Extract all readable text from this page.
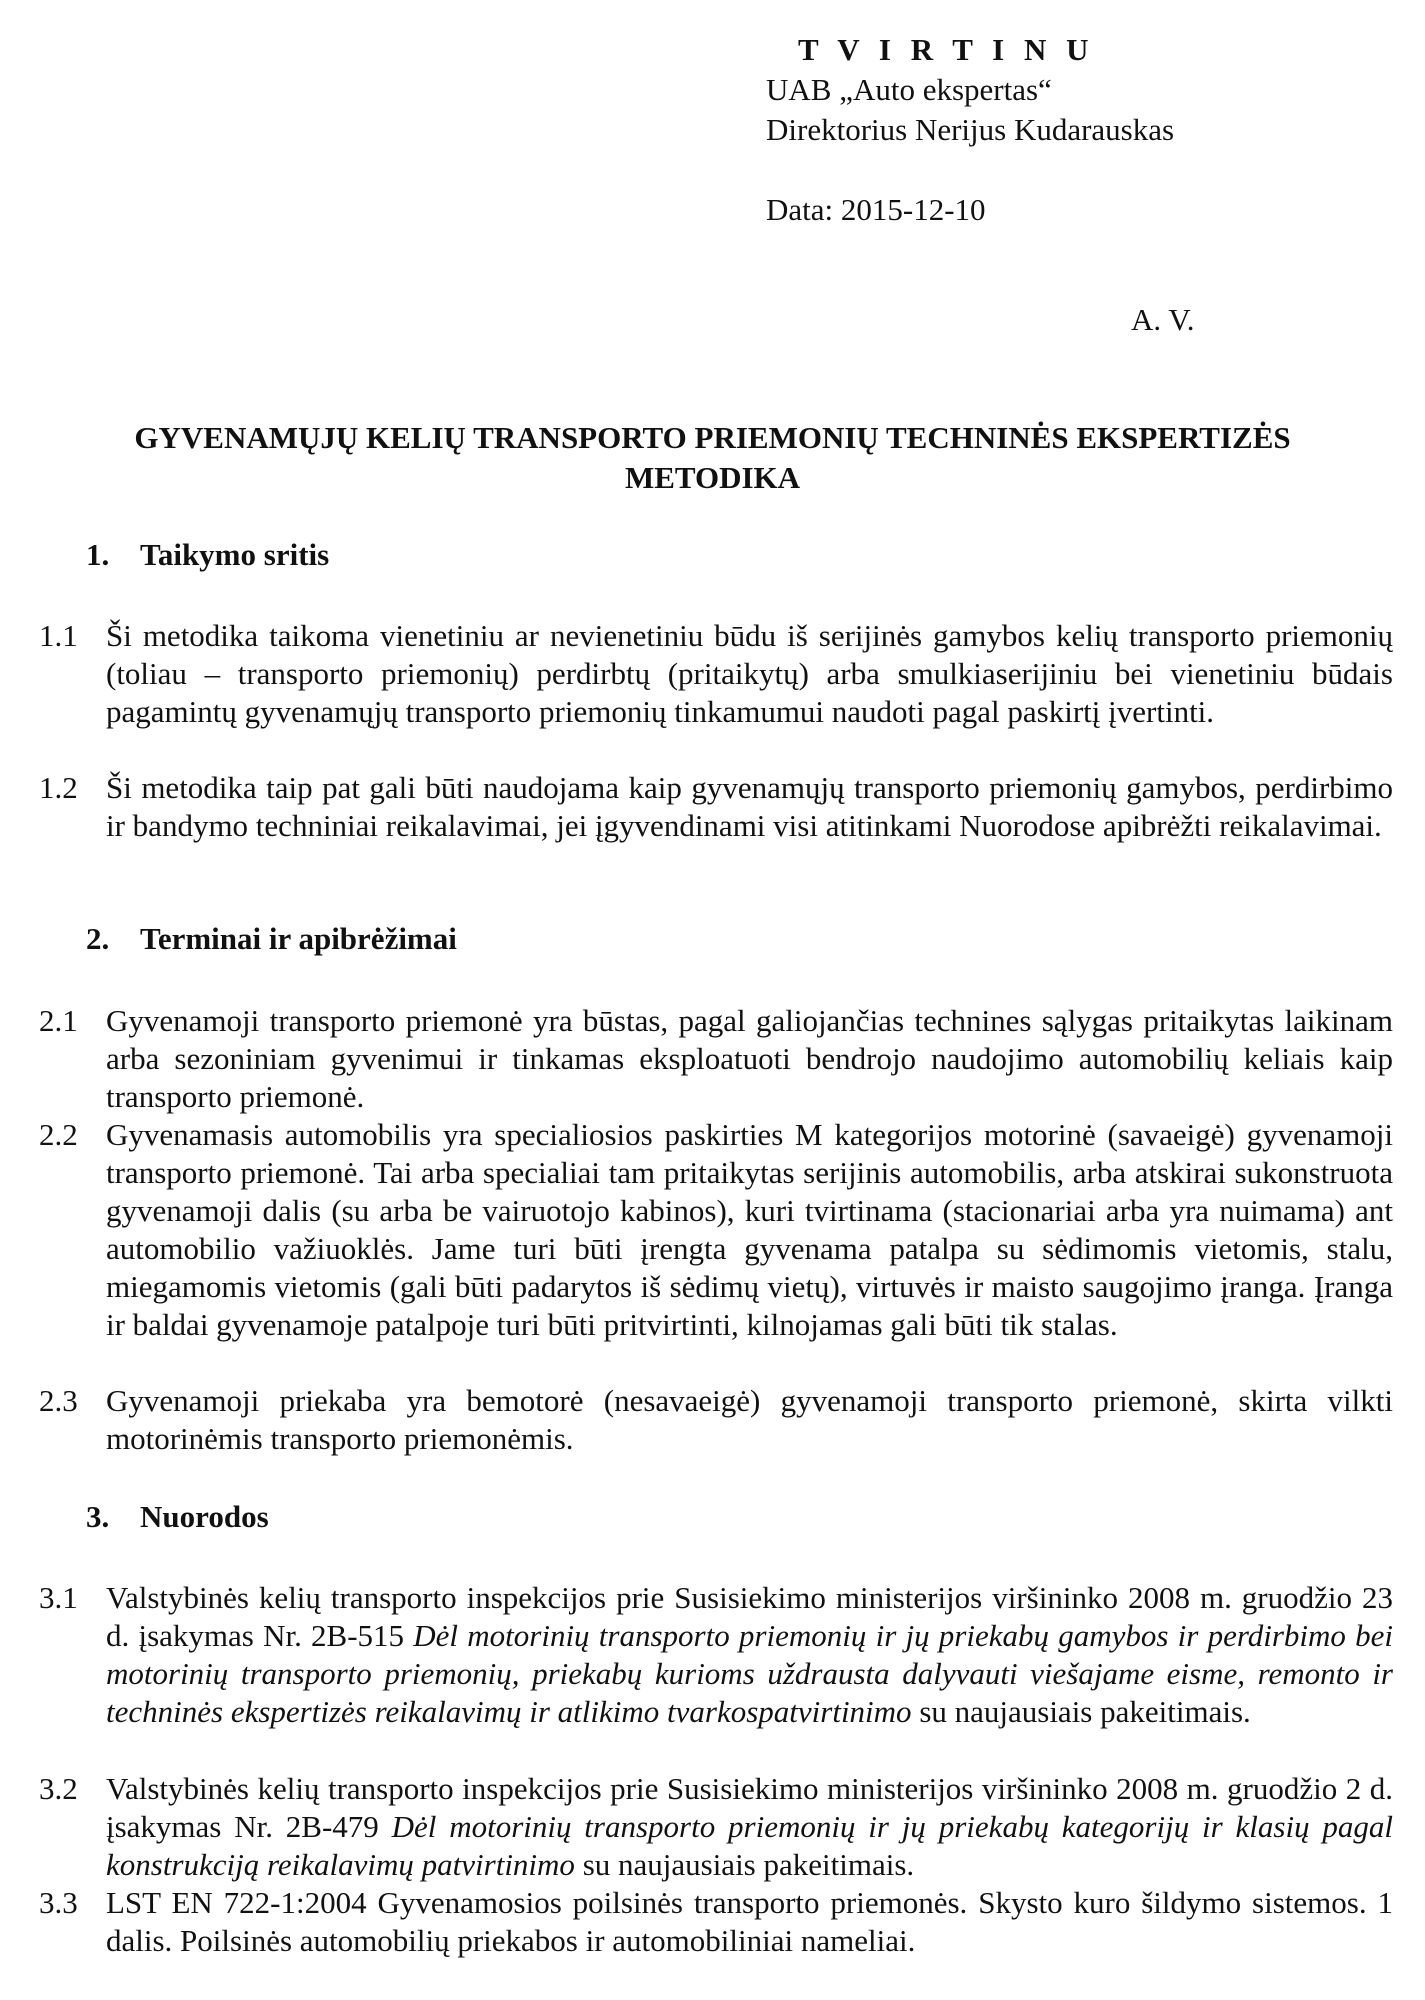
T V I R T I N U
UAB „Auto ekspertas“
Direktorius Nerijus Kudarauskas
Data: 2015-12-10
A. V.
GYVENAMŲJŲ KELIŲ TRANSPORTO PRIEMONIŲ TECHNINĖS EKSPERTIZĖS
METODIKA
1. Taikymo sritis
1.1 Ši metodika taikoma vienetiniu ar nevienetiniu būdu iš serijinės gamybos kelių transporto priemonių (toliau – transporto priemonių) perdirbtų (pritaikytų) arba smulkiaserijiniu bei vienetiniu būdais pagamintų gyvenamųjų transporto priemonių tinkamumui naudoti pagal paskirtį įvertinti.
1.2 Ši metodika taip pat gali būti naudojama kaip gyvenamųjų transporto priemonių gamybos, perdirbimo ir bandymo techniniai reikalavimai, jei įgyvendinami visi atitinkami Nuorodose apibrėžti reikalavimai.
2. Terminai ir apibrėžimai
2.1 Gyvenamoji transporto priemonė yra būstas, pagal galiojančias technines sąlygas pritaikytas laikinam arba sezoniniam gyvenimui ir tinkamas eksploatuoti bendrojo naudojimo automobilių keliais kaip transporto priemonė.
2.2 Gyvenamasis automobilis yra specialiosios paskirties M kategorijos motorinė (savaeigė) gyvenamoji transporto priemonė. Tai arba specialiai tam pritaikytas serijinis automobilis, arba atskirai sukonstruota gyvenamoji dalis (su arba be vairuotojo kabinos), kuri tvirtinama (stacionariai arba yra nuimama) ant automobilio važiuoklės. Jame turi būti įrengta gyvenama patalpa su sėdimomis vietomis, stalu, miegamomis vietomis (gali būti padarytos iš sėdimų vietų), virtuvės ir maisto saugojimo įranga. Įranga ir baldai gyvenamoje patalpoje turi būti pritvirtinti, kilnojamas gali būti tik stalas.
2.3 Gyvenamoji priekaba yra bemotorė (nesavaeigė) gyvenamoji transporto priemonė, skirta vilkti motorinėmis transporto priemonėmis.
3. Nuorodos
3.1 Valstybinės kelių transporto inspekcijos prie Susisiekimo ministerijos viršininko 2008 m. gruodžio 23 d. įsakymas Nr. 2B-515 Dėl motorinių transporto priemonių ir jų priekabų gamybos ir perdirbimo bei motorinių transporto priemonių, priekabų kurioms uždrausta dalyvauti viešajame eisme, remonto ir techninės ekspertizės reikalavimų ir atlikimo tvarkospatvirtinimo su naujausiais pakeitimais.
3.2 Valstybinės kelių transporto inspekcijos prie Susisiekimo ministerijos viršininko 2008 m. gruodžio 2 d. įsakymas Nr. 2B-479 Dėl motorinių transporto priemonių ir jų priekabų kategorijų ir klasių pagal konstrukciją reikalavimų patvirtinimo su naujausiais pakeitimais.
3.3 LST EN 722-1:2004 Gyvenamosios poilsinės transporto priemonės. Skysto kuro šildymo sistemos. 1 dalis. Poilsinės automobilių priekabos ir automobiliniai nameliai.
